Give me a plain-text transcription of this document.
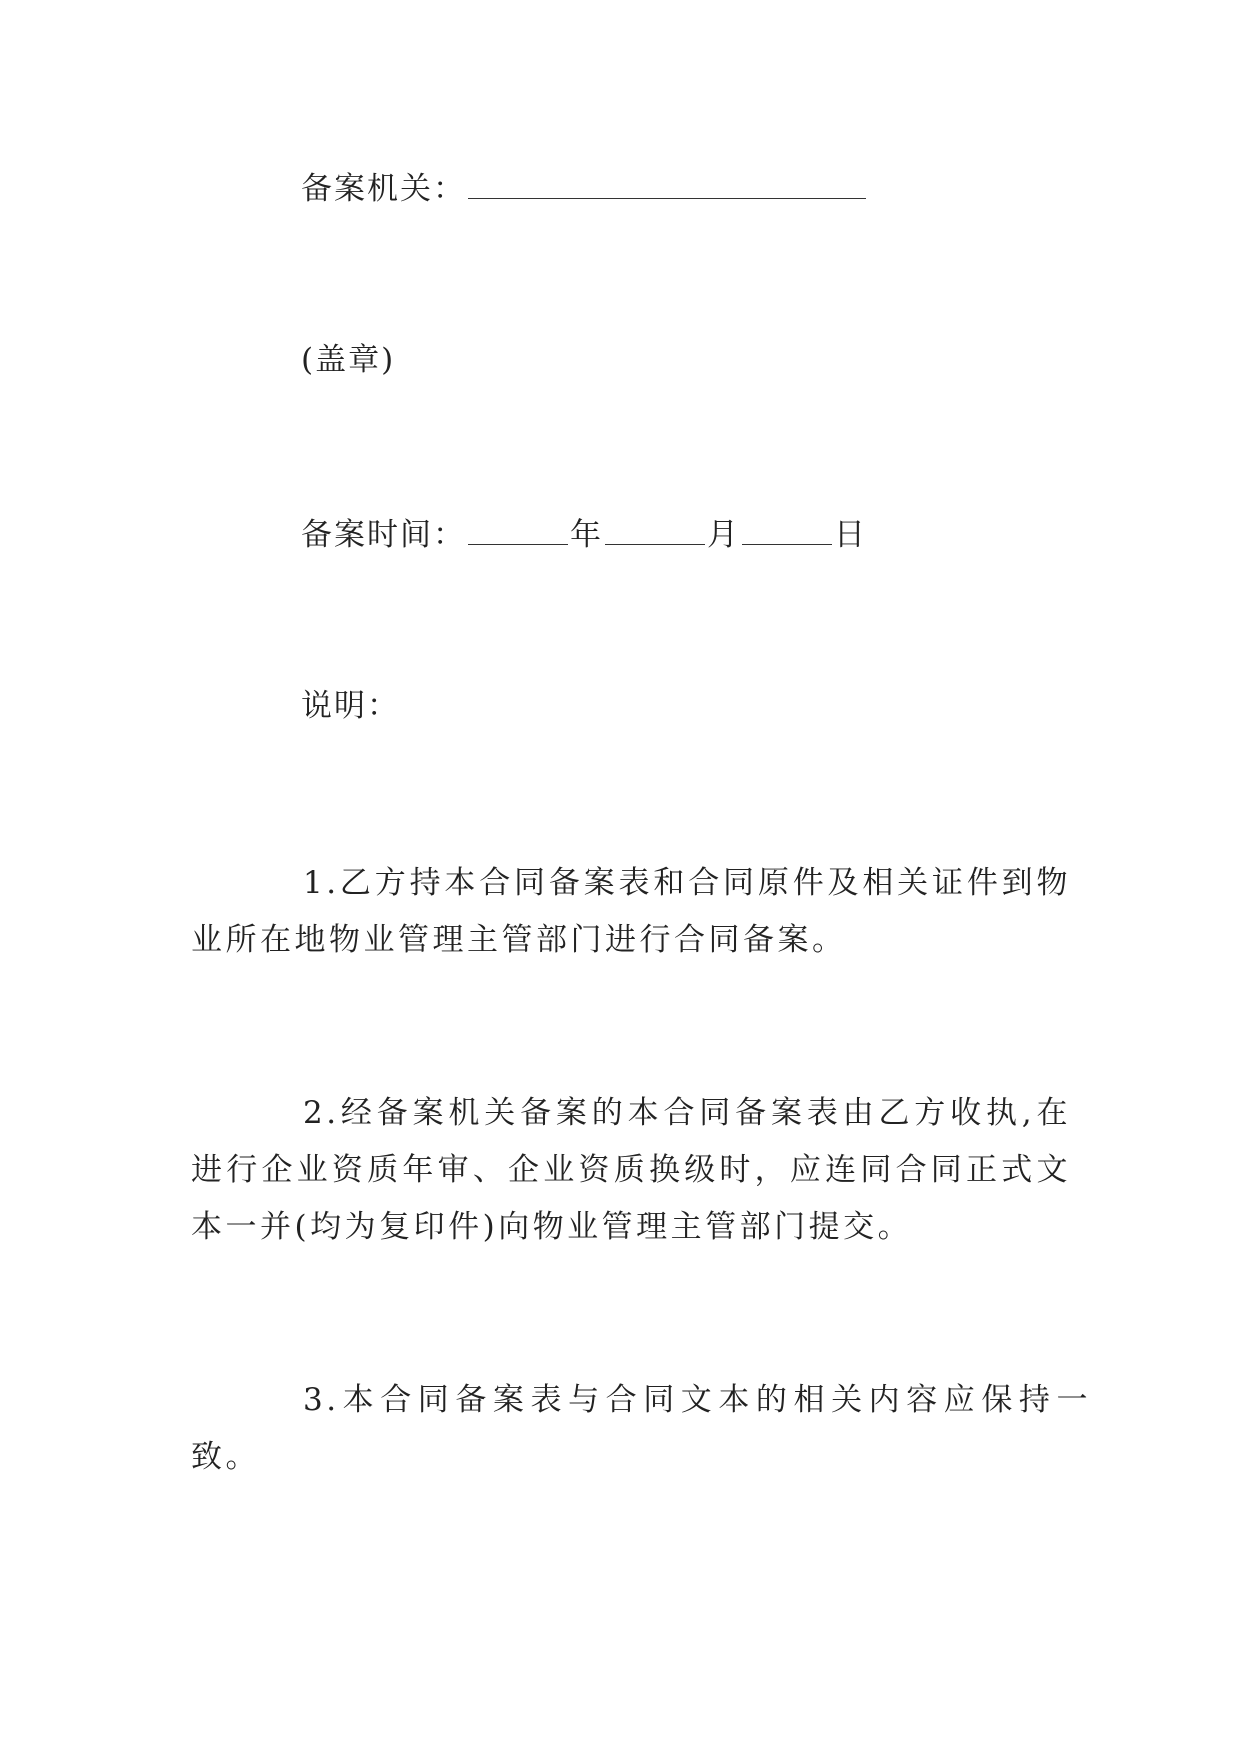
备案机关：
(盖章)
备案时间：	年	月	日
说明：
1.乙方持本合同备案表和合同原件及相关证件到物业所在地物业管理主管部门进行合同备案。
2.经备案机关备案的本合同备案表由乙方收执,在进行企业资质年审、企业资质换级时，应连同合同正式文本一并(均为复印件)向物业管理主管部门提交。
3.本合同备案表与合同文本的相关内容应保持一致。
